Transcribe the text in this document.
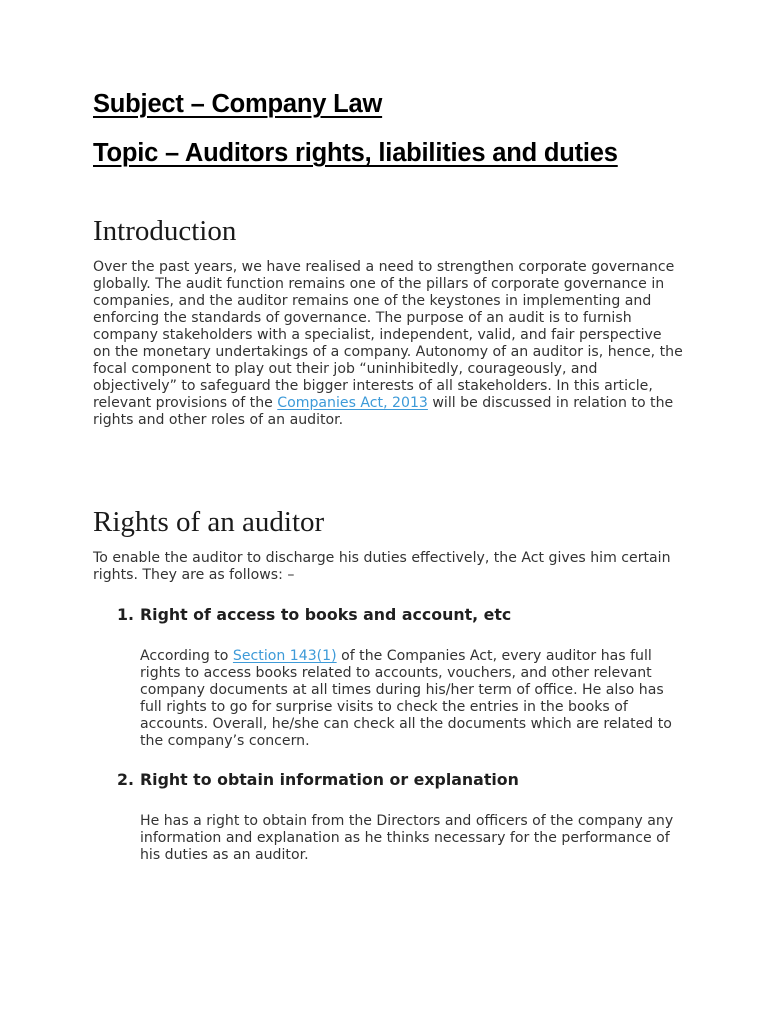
Subject – Company Law
Topic – Auditors rights, liabilities and duties
Introduction

Over the past years, we have realised a need to strengthen corporate governance globally. The audit function remains one of the pillars of corporate governance in companies, and the auditor remains one of the keystones in implementing and enforcing the standards of governance. The purpose of an audit is to furnish company stakeholders with a specialist, independent, valid, and fair perspective on the monetary undertakings of a company. Autonomy of an auditor is, hence, the focal component to play out their job “uninhibitedly, courageously, and objectively” to safeguard the bigger interests of all stakeholders. In this article, relevant provisions of the Companies Act, 2013 will be discussed in relation to the rights and other roles of an auditor.

Rights of an auditor

To enable the auditor to discharge his duties effectively, the Act gives him certain rights. They are as follows: –

1. Right of access to books and account, etc

According to Section 143(1) of the Companies Act, every auditor has full rights to access books related to accounts, vouchers, and other relevant company documents at all times during his/her term of office. He also has full rights to go for surprise visits to check the entries in the books of accounts. Overall, he/she can check all the documents which are related to the company’s concern.

2. Right to obtain information or explanation

He has a right to obtain from the Directors and officers of the company any information and explanation as he thinks necessary for the performance of his duties as an auditor.
